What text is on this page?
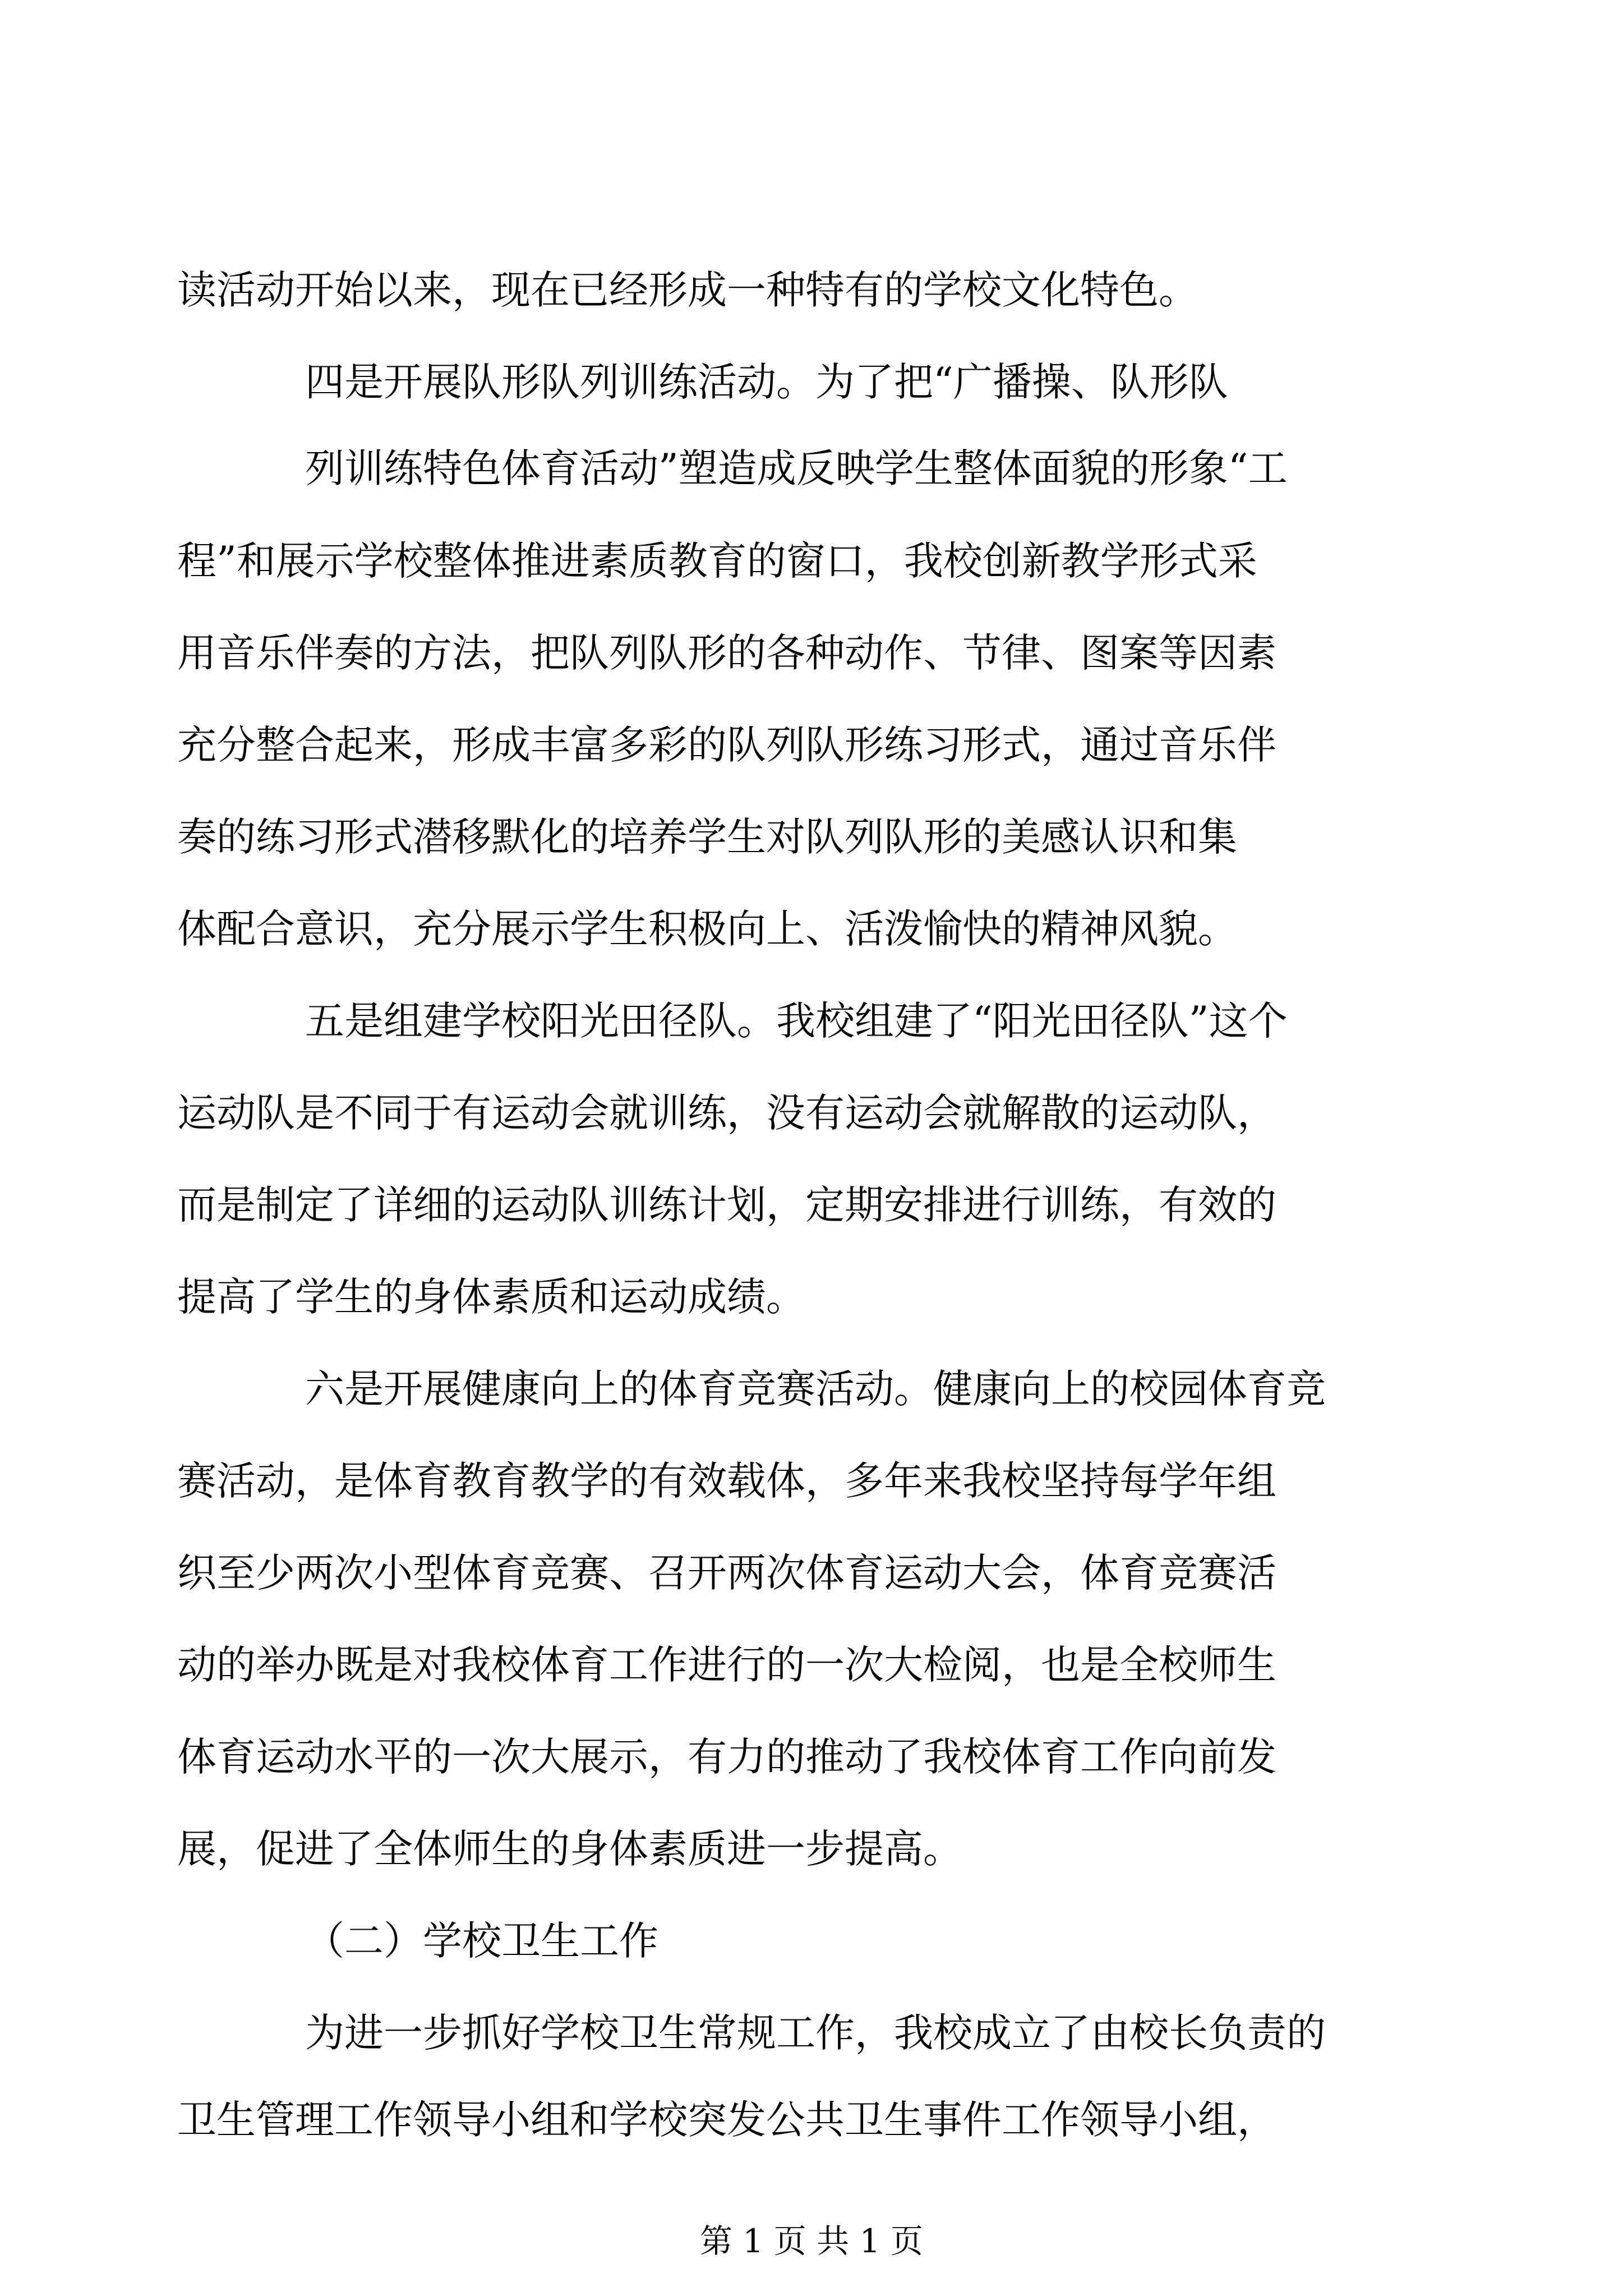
读活动开始以来，现在已经形成一种特有的学校文化特色。
四是开展队形队列训练活动。为了把“广播操、队形队
列训练特色体育活动”塑造成反映学生整体面貌的形象“工
程”和展示学校整体推进素质教育的窗口，我校创新教学形式采
用音乐伴奏的方法，把队列队形的各种动作、节律、图案等因素
充分整合起来，形成丰富多彩的队列队形练习形式，通过音乐伴
奏的练习形式潜移默化的培养学生对队列队形的美感认识和集
体配合意识，充分展示学生积极向上、活泼愉快的精神风貌。
五是组建学校阳光田径队。我校组建了“阳光田径队”这个
运动队是不同于有运动会就训练，没有运动会就解散的运动队，
而是制定了详细的运动队训练计划，定期安排进行训练，有效的
提高了学生的身体素质和运动成绩。
六是开展健康向上的体育竞赛活动。健康向上的校园体育竞
赛活动，是体育教育教学的有效载体，多年来我校坚持每学年组
织至少两次小型体育竞赛、召开两次体育运动大会，体育竞赛活
动的举办既是对我校体育工作进行的一次大检阅，也是全校师生
体育运动水平的一次大展示，有力的推动了我校体育工作向前发
展，促进了全体师生的身体素质进一步提高。
（二）学校卫生工作
为进一步抓好学校卫生常规工作，我校成立了由校长负责的
卫生管理工作领导小组和学校突发公共卫生事件工作领导小组，
第 1 页 共 1 页
